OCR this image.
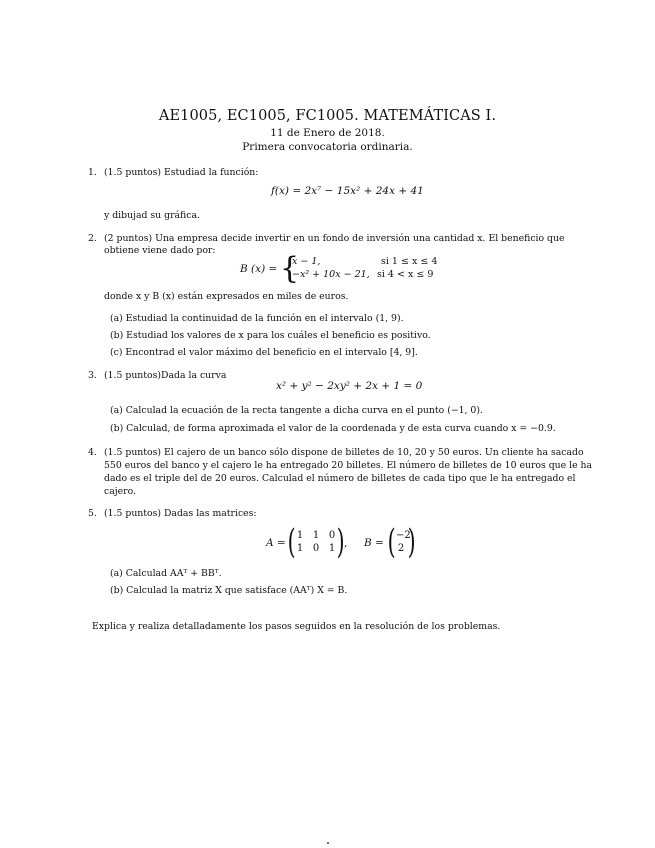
AE1005, EC1005, FC1005. MATEMÁTICAS I.
11 de Enero de 2018.
Primera convocatoria ordinaria.
1. (1.5 puntos) Estudiad la función:
f(x) = 2x⁷ − 15x² + 24x + 41
y dibujad su gráfica.
2. (2 puntos) Una empresa decide invertir en un fondo de inversión una cantidad x. El beneficio que
obtiene viene dado por:
B (x) = {
x − 1,	si 1 ≤ x ≤ 4
−x² + 10x − 21, si 4 < x ≤ 9
donde x y B (x) están expresados en miles de euros.
(a) Estudiad la continuidad de la función en el intervalo (1, 9).
(b) Estudiad los valores de x para los cuáles el beneficio es positivo.
(c) Encontrad el valor máximo del beneficio en el intervalo [4, 9].
3. (1.5 puntos)Dada la curva
x² + y² − 2xy² + 2x + 1 = 0
(a) Calculad la ecuación de la recta tangente a dicha curva en el punto (−1, 0).
(b) Calculad, de forma aproximada el valor de la coordenada y de esta curva cuando x = −0.9.
4. (1.5 puntos) El cajero de un banco sólo dispone de billetes de 10, 20 y 50 euros. Un cliente ha sacado
550 euros del banco y el cajero le ha entregado 20 billetes. El número de billetes de 10 euros que le ha
dado es el triple del de 20 euros. Calculad el número de billetes de cada tipo que le ha entregado el
cajero.
5. (1.5 puntos) Dadas las matrices:
A = ( 1 1 0
1 0 1 ) , B = ( −2
2 )
(a) Calculad AAᵀ + BBᵀ.
(b) Calculad la matriz X que satisface (AAᵀ) X = B.
Explica y realiza detalladamente los pasos seguidos en la resolución de los problemas.
